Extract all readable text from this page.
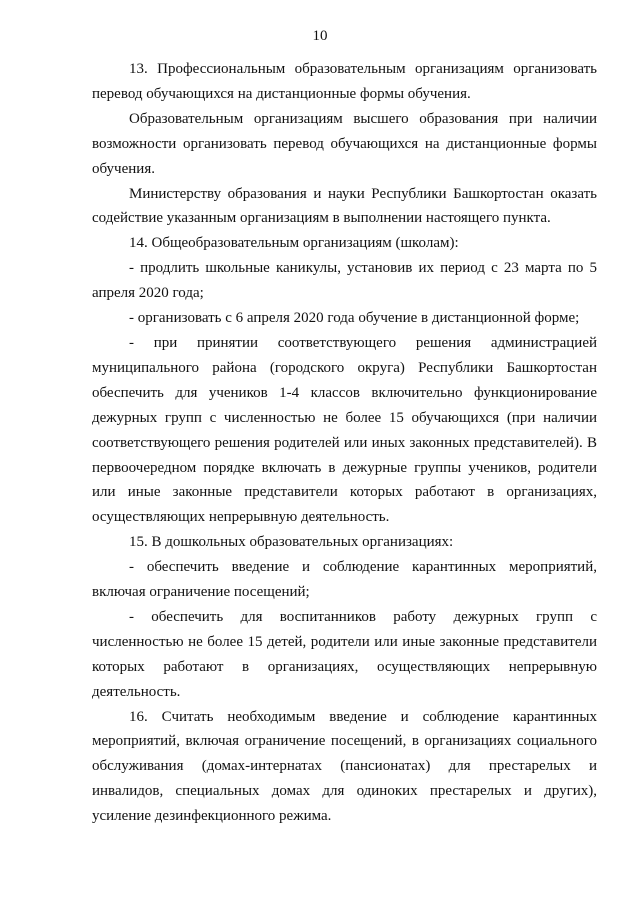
10

13. Профессиональным образовательным организациям организовать перевод обучающихся на дистанционные формы обучения.

Образовательным организациям высшего образования при наличии возможности организовать перевод обучающихся на дистанционные формы обучения.

Министерству образования и науки Республики Башкортостан оказать содействие указанным организациям в выполнении настоящего пункта.

14. Общеобразовательным организациям (школам):

- продлить школьные каникулы, установив их период с 23 марта по 5 апреля 2020 года;

- организовать с 6 апреля 2020 года обучение в дистанционной форме;

- при принятии соответствующего решения администрацией муниципального района (городского округа) Республики Башкортостан обеспечить для учеников 1-4 классов включительно функционирование дежурных групп с численностью не более 15 обучающихся (при наличии соответствующего решения родителей или иных законных представителей). В первоочередном порядке включать в дежурные группы учеников, родители или иные законные представители которых работают в организациях, осуществляющих непрерывную деятельность.

15. В дошкольных образовательных организациях:

- обеспечить введение и соблюдение карантинных мероприятий, включая ограничение посещений;

- обеспечить для воспитанников работу дежурных групп с численностью не более 15 детей, родители или иные законные представители которых работают в организациях, осуществляющих непрерывную деятельность.

16. Считать необходимым введение и соблюдение карантинных мероприятий, включая ограничение посещений, в организациях социального обслуживания (домах-интернатах (пансионатах) для престарелых и инвалидов, специальных домах для одиноких престарелых и других), усиление дезинфекционного режима.
